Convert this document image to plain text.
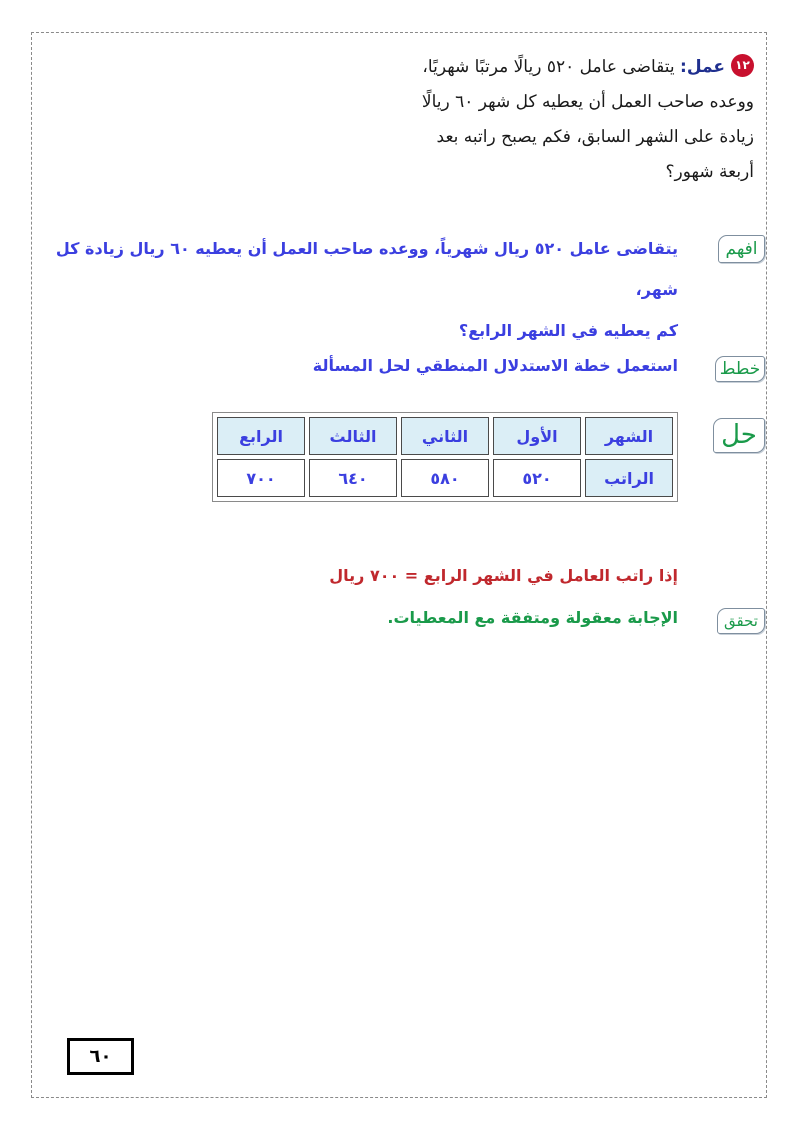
١٢عمل: يتقاضى عامل ٥٢٠ ريالًا مرتبًا شهريًا،
ووعده صاحب العمل أن يعطيه كل شهر ٦٠ ريالًا
زيادة على الشهر السابق، فكم يصبح راتبه بعد
أربعة شهور؟
افهم
يتقاضى عامل ٥٢٠ ريال شهرياً، ووعده صاحب العمل أن يعطيه ٦٠ ريال زيادة كل
شهر،
كم يعطيه في الشهر الرابع؟
خطط
استعمل خطة الاستدلال المنطقي لحل المسألة
حل
الشهر	الأول	الثاني	الثالث	الرابع
الراتب	٥٢٠	٥٨٠	٦٤٠	٧٠٠
إذا راتب العامل في الشهر الرابع = ٧٠٠ ريال
تحقق
الإجابة معقولة ومتفقة مع المعطيات.
٦٠
